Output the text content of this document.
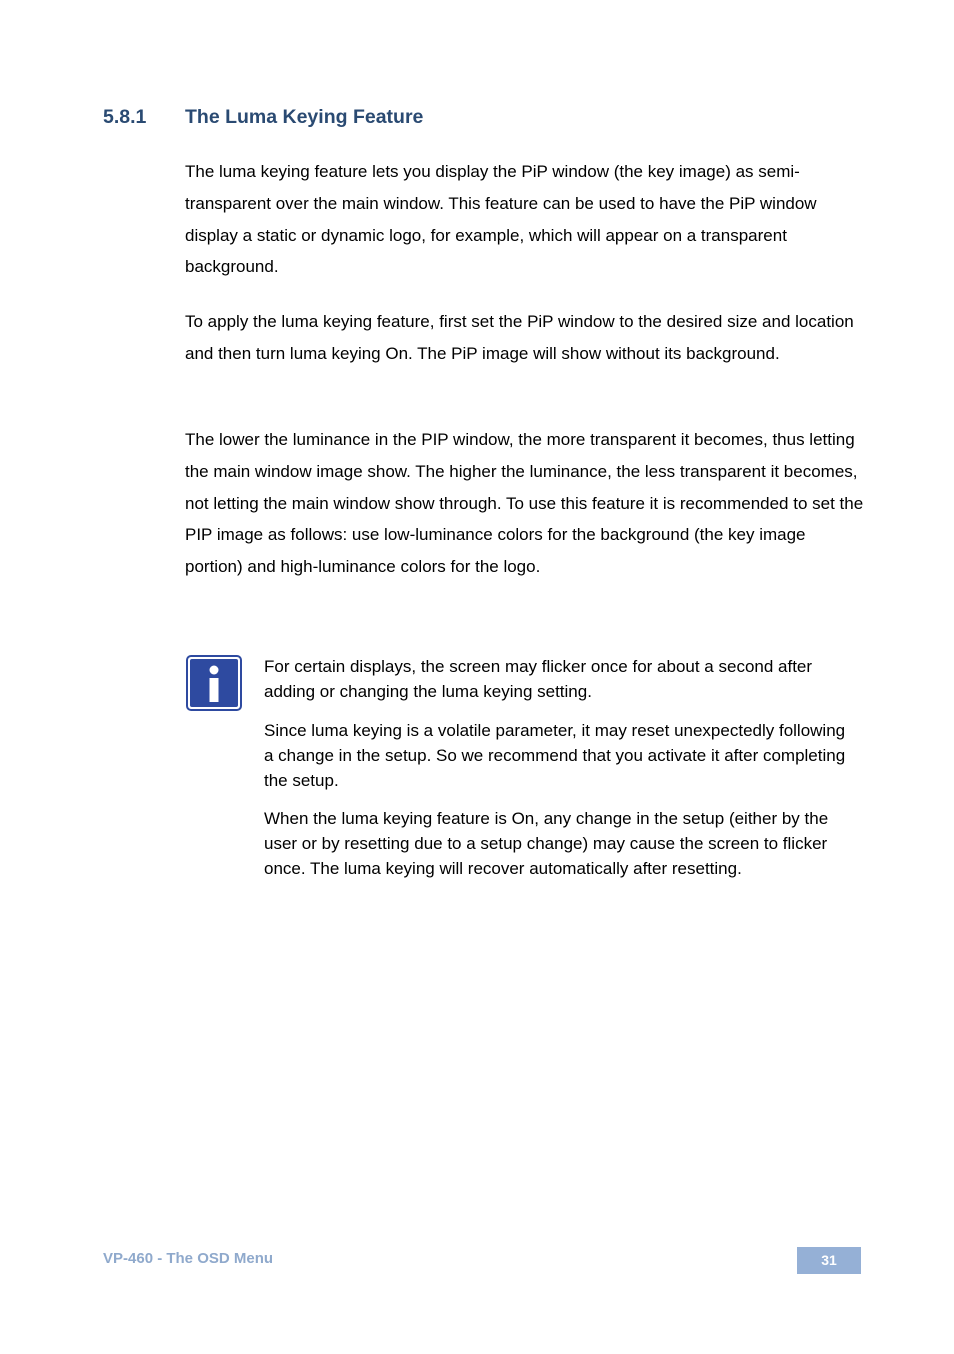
5.8.1 The Luma Keying Feature
The luma keying feature lets you display the PiP window (the key image) as semi-transparent over the main window. This feature can be used to have the PiP window display a static or dynamic logo, for example, which will appear on a transparent background.
To apply the luma keying feature, first set the PiP window to the desired size and location and then turn luma keying On. The PiP image will show without its background.
The lower the luminance in the PIP window, the more transparent it becomes, thus letting the main window image show. The higher the luminance, the less transparent it becomes, not letting the main window show through. To use this feature it is recommended to set the PIP image as follows: use low-luminance colors for the background (the key image portion) and high-luminance colors for the logo.
For certain displays, the screen may flicker once for about a second after adding or changing the luma keying setting.
Since luma keying is a volatile parameter, it may reset unexpectedly following a change in the setup. So we recommend that you activate it after completing the setup.
When the luma keying feature is On, any change in the setup (either by the user or by resetting due to a setup change) may cause the screen to flicker once. The luma keying will recover automatically after resetting.
VP-460 - The OSD Menu	31
